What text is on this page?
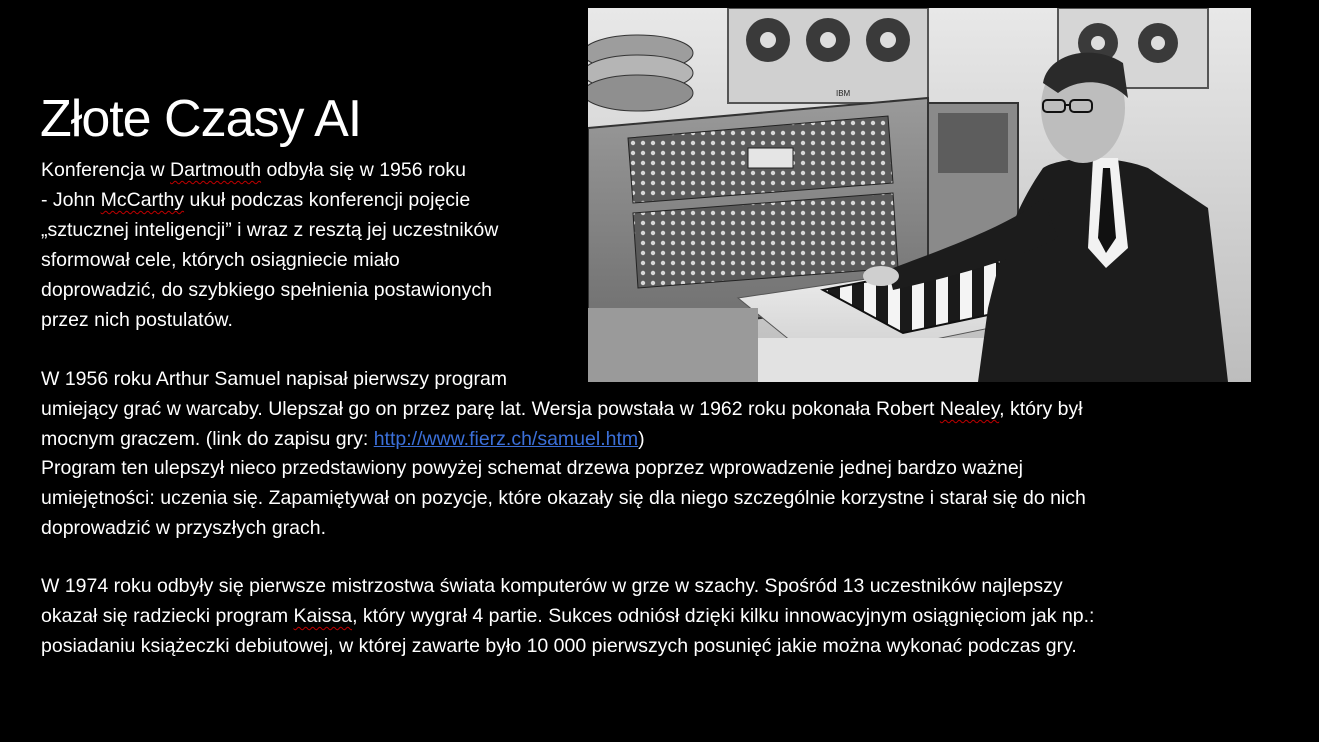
Złote Czasy AI
Konferencja w Dartmouth odbyła się w 1956 roku
- John McCarthy ukuł podczas konferencji pojęcie
„sztucznej inteligencji” i wraz z resztą jej uczestników
sformował cele, których osiągniecie miało
doprowadzić, do szybkiego spełnienia postawionych
przez nich postulatów.
W 1956 roku Arthur Samuel napisał pierwszy program
umiejący grać w warcaby. Ulepszał go on przez parę lat. Wersja powstała w 1962 roku pokonała Robert Nealey, który był
mocnym graczem. (link do zapisu gry: http://www.fierz.ch/samuel.htm)
Program ten ulepszył nieco przedstawiony powyżej schemat drzewa poprzez wprowadzenie jednej bardzo ważnej
umiejętności: uczenia się. Zapamiętywał on pozycje, które okazały się dla niego szczególnie korzystne i starał się do nich
doprowadzić w przyszłych grach.
W 1974 roku odbyły się pierwsze mistrzostwa świata komputerów w grze w szachy. Spośród 13 uczestników najlepszy
okazał się radziecki program Kaissa, który wygrał 4 partie. Sukces odniósł dzięki kilku innowacyjnym osiągnięciom jak np.:
posiadaniu książeczki debiutowej, w której zawarte było 10 000 pierwszych posunięć jakie można wykonać podczas gry.
IBM
